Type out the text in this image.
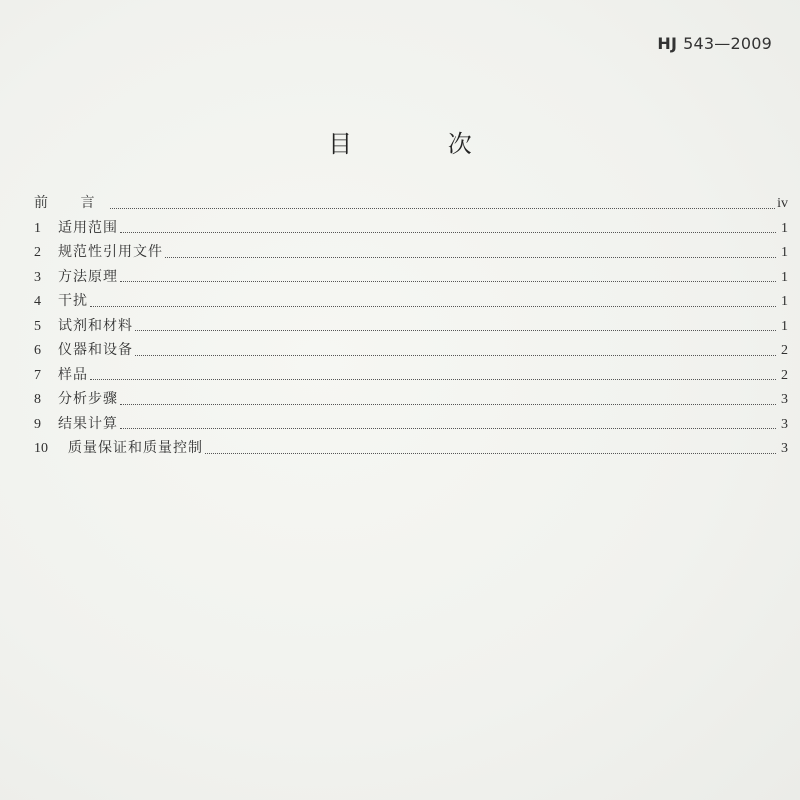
HJ 543—2009
目 次
前 言	iv
1	适用范围	1
2	规范性引用文件	1
3	方法原理	1
4	干扰	1
5	试剂和材料	1
6	仪器和设备	2
7	样品	2
8	分析步骤	3
9	结果计算	3
10	质量保证和质量控制	3
